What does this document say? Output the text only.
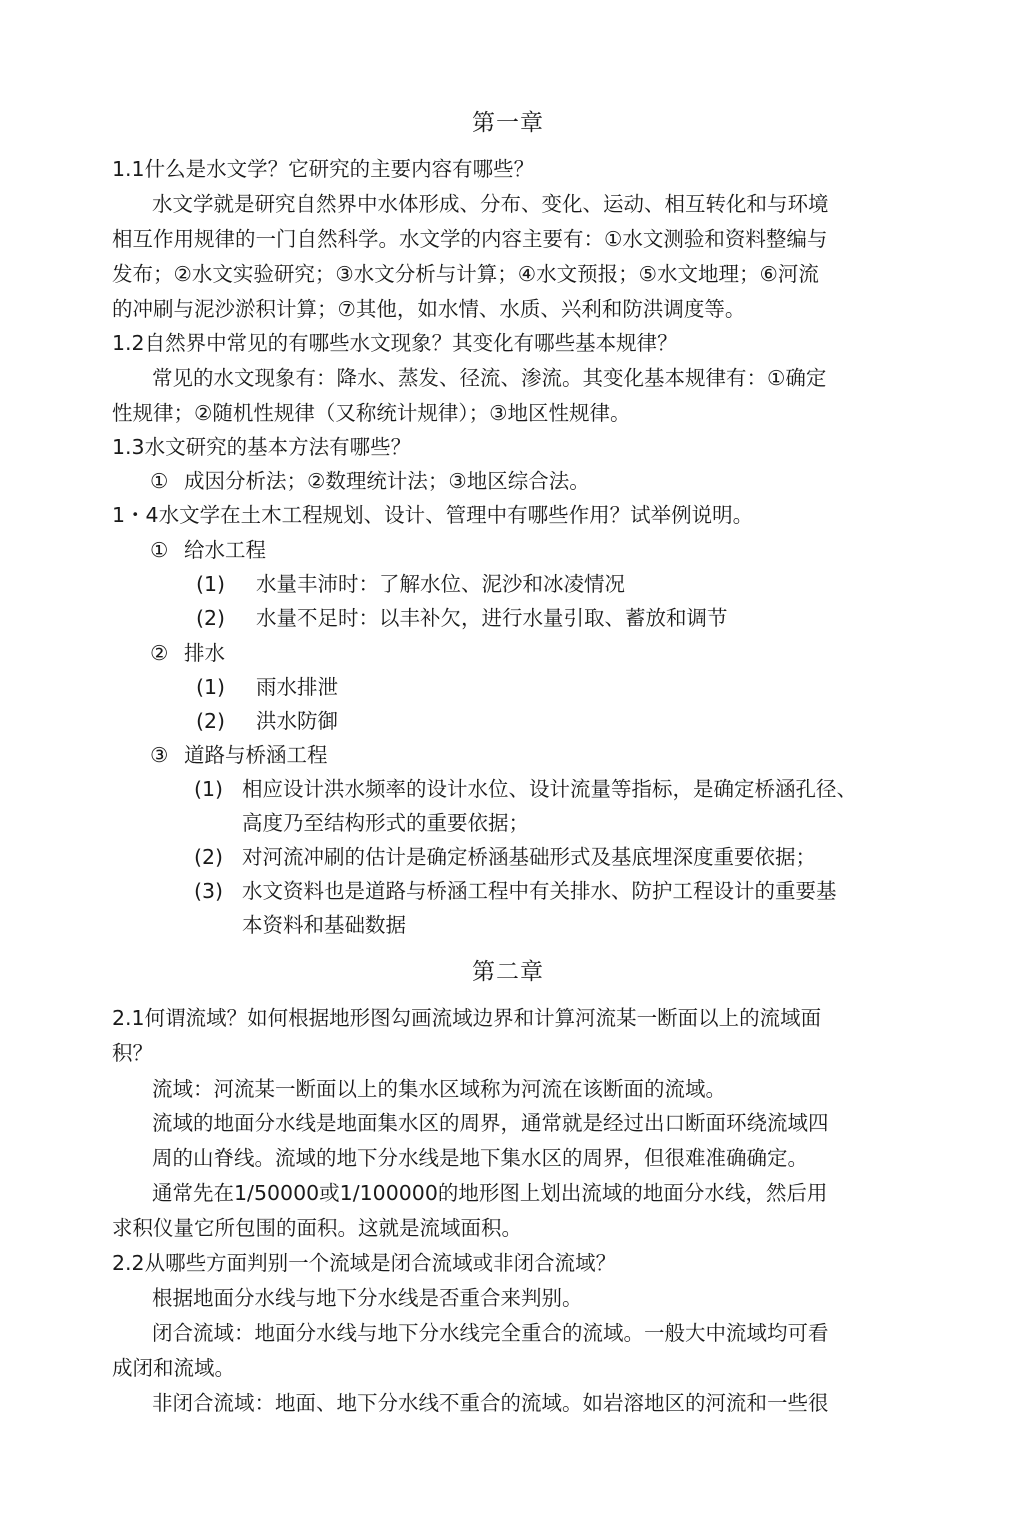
第一章

1.1什么是水文学？它研究的主要内容有哪些？

水文学就是研究自然界中水体形成、分布、变化、运动、相互转化和与环境

相互作用规律的一门自然科学。水文学的内容主要有：①水文测验和资料整编与

发布；②水文实验研究；③水文分析与计算；④水文预报；⑤水文地理；⑥河流

的冲刷与泥沙淤积计算；⑦其他，如水情、水质、兴利和防洪调度等。

1.2自然界中常见的有哪些水文现象？其变化有哪些基本规律？

常见的水文现象有：降水、蒸发、径流、渗流。其变化基本规律有：①确定

性规律；②随机性规律（又称统计规律）；③地区性规律。

1.3水文研究的基本方法有哪些？

① 成因分析法；②数理统计法；③地区综合法。

1・4水文学在土木工程规划、设计、管理中有哪些作用？试举例说明。

① 给水工程

(1) 水量丰沛时：了解水位、泥沙和冰凌情况

(2) 水量不足时：以丰补欠，进行水量引取、蓄放和调节

② 排水

(1) 雨水排泄

(2) 洪水防御

③ 道路与桥涵工程

(1) 相应设计洪水频率的设计水位、设计流量等指标，是确定桥涵孔径、

高度乃至结构形式的重要依据；

(2) 对河流冲刷的估计是确定桥涵基础形式及基底埋深度重要依据；

(3) 水文资料也是道路与桥涵工程中有关排水、防护工程设计的重要基

本资料和基础数据

第二章

2.1何谓流域？如何根据地形图勾画流域边界和计算河流某一断面以上的流域面

积？

流域：河流某一断面以上的集水区域称为河流在该断面的流域。

流域的地面分水线是地面集水区的周界，通常就是经过出口断面环绕流域四

周的山脊线。流域的地下分水线是地下集水区的周界，但很难准确确定。

通常先在1/50000或1/100000的地形图上划出流域的地面分水线，然后用

求积仪量它所包围的面积。这就是流域面积。

2.2从哪些方面判别一个流域是闭合流域或非闭合流域？

根据地面分水线与地下分水线是否重合来判别。

闭合流域：地面分水线与地下分水线完全重合的流域。一般大中流域均可看

成闭和流域。

非闭合流域：地面、地下分水线不重合的流域。如岩溶地区的河流和一些很
